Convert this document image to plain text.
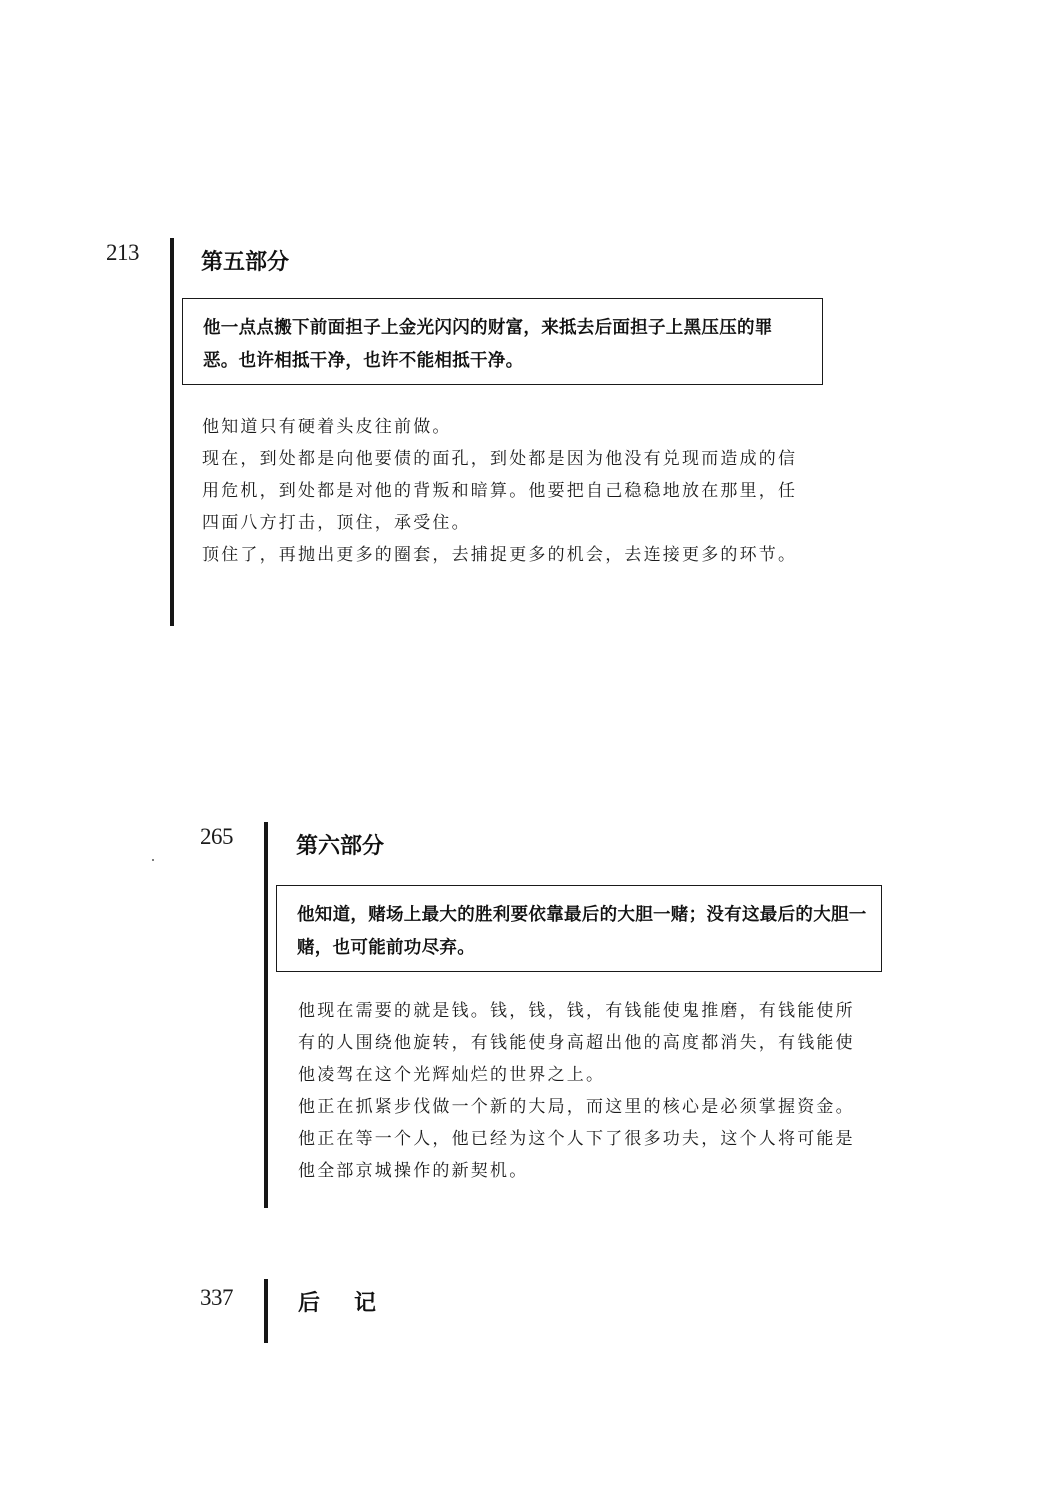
213	第五部分
他一点点搬下前面担子上金光闪闪的财富，来抵去后面担子上黑压压的罪恶。也许相抵干净，也许不能相抵干净。

他知道只有硬着头皮往前做。

现在，到处都是向他要债的面孔，到处都是因为他没有兑现而造成的信用危机，到处都是对他的背叛和暗算。他要把自己稳稳地放在那里，任四面八方打击，顶住，承受住。

顶住了，再抛出更多的圈套，去捕捉更多的机会，去连接更多的环节。

265	第六部分
他知道，赌场上最大的胜利要依靠最后的大胆一赌；没有这最后的大胆一赌，也可能前功尽弃。

他现在需要的就是钱。钱，钱，钱，有钱能使鬼推磨，有钱能使所有的人围绕他旋转，有钱能使身高超出他的高度都消失，有钱能使他凌驾在这个光辉灿烂的世界之上。

他正在抓紧步伐做一个新的大局，而这里的核心是必须掌握资金。他正在等一个人，他已经为这个人下了很多功夫，这个人将可能是他全部京城操作的新契机。

337	后　记
